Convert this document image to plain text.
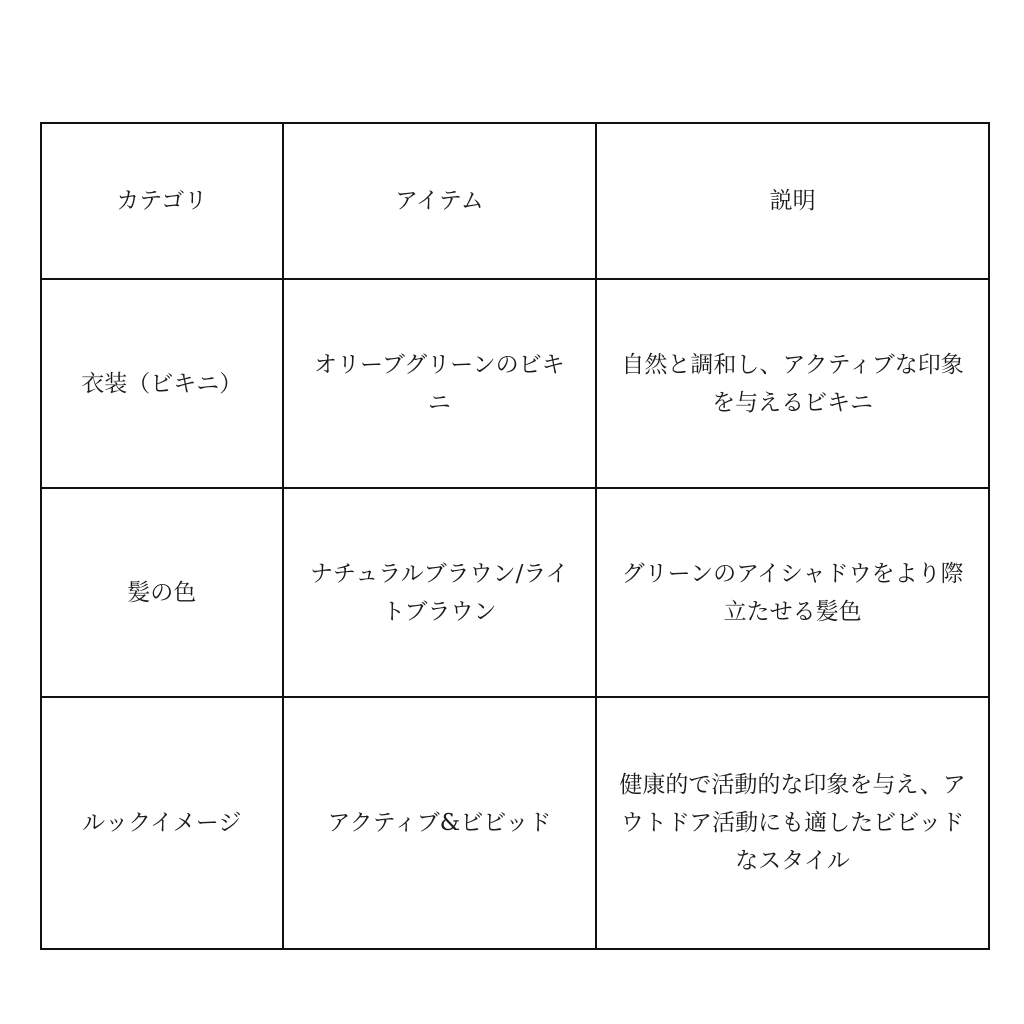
カテゴリ	アイテム	説明
衣装（ビキニ）	オリーブグリーンのビキニ	自然と調和し、アクティブな印象を与えるビキニ
髪の色	ナチュラルブラウン/ライトブラウン	グリーンのアイシャドウをより際立たせる髪色
ルックイメージ	アクティブ&ビビッド	健康的で活動的な印象を与え、アウトドア活動にも適したビビッドなスタイル
